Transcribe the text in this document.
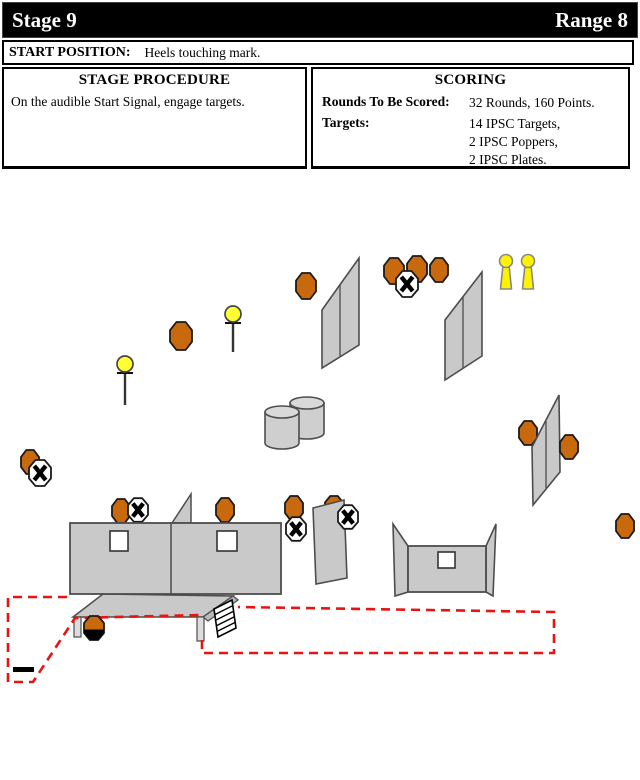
Stage 9	Range 8
START POSITION: Heels touching mark.
STAGE PROCEDURE

On the audible Start Signal, engage targets.

SCORING
Rounds To Be Scored:	32 Rounds, 160 Points.
Targets:	14 IPSC Targets,
2 IPSC Poppers,
2 IPSC Plates.
